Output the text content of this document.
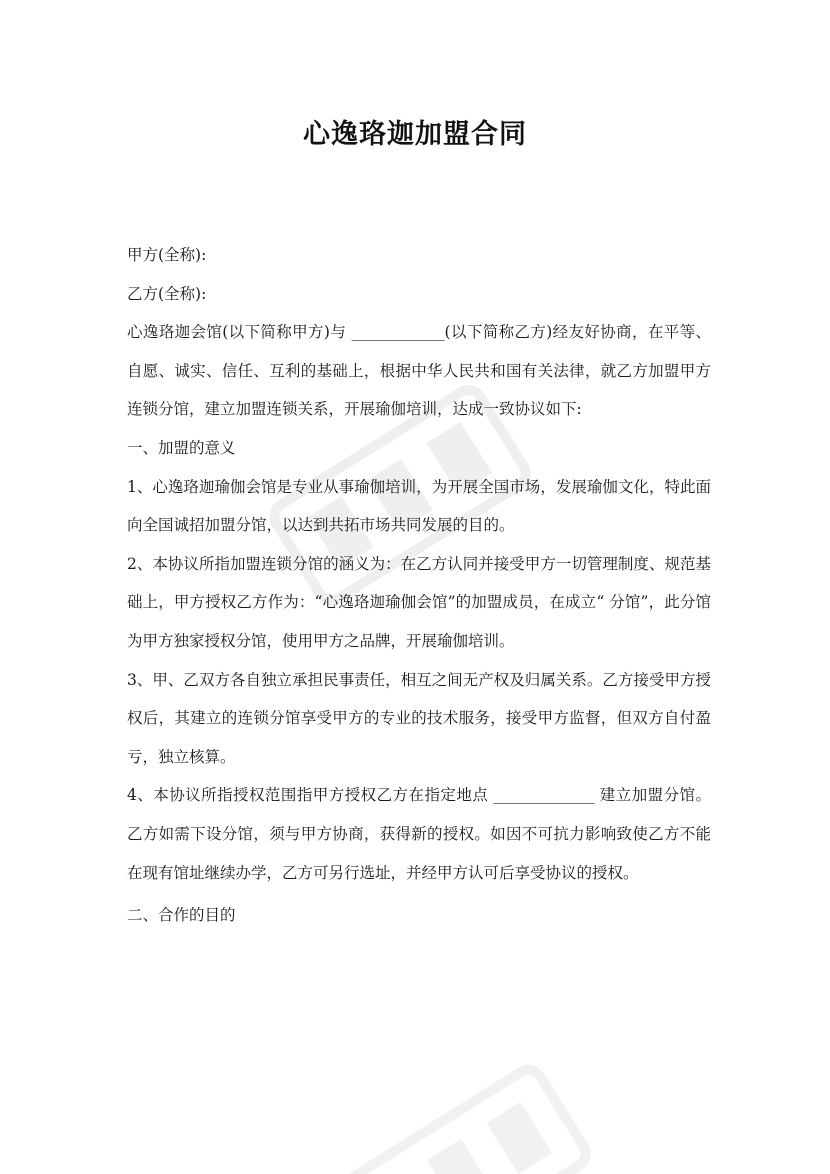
心逸珞迦加盟合同

甲方(全称):

乙方(全称):

心逸珞迦会馆(以下简称甲方)与 ____________(以下简称乙方)经友好协商，在平等、自愿、诚实、信任、互利的基础上，根据中华人民共和国有关法律，就乙方加盟甲方连锁分馆，建立加盟连锁关系，开展瑜伽培训，达成一致协议如下:

一、加盟的意义

1、心逸珞迦瑜伽会馆是专业从事瑜伽培训，为开展全国市场，发展瑜伽文化，特此面向全国诚招加盟分馆，以达到共拓市场共同发展的目的。

2、本协议所指加盟连锁分馆的涵义为：在乙方认同并接受甲方一切管理制度、规范基础上，甲方授权乙方作为：“心逸珞迦瑜伽会馆”的加盟成员，在成立“ 分馆”，此分馆为甲方独家授权分馆，使用甲方之品牌，开展瑜伽培训。

3、甲、乙双方各自独立承担民事责任，相互之间无产权及归属关系。乙方接受甲方授权后，其建立的连锁分馆享受甲方的专业的技术服务，接受甲方监督，但双方自付盈亏，独立核算。

4、本协议所指授权范围指甲方授权乙方在指定地点 _____________ 建立加盟分馆。乙方如需下设分馆，须与甲方协商，获得新的授权。如因不可抗力影响致使乙方不能在现有馆址继续办学，乙方可另行选址，并经甲方认可后享受协议的授权。

二、合作的目的
